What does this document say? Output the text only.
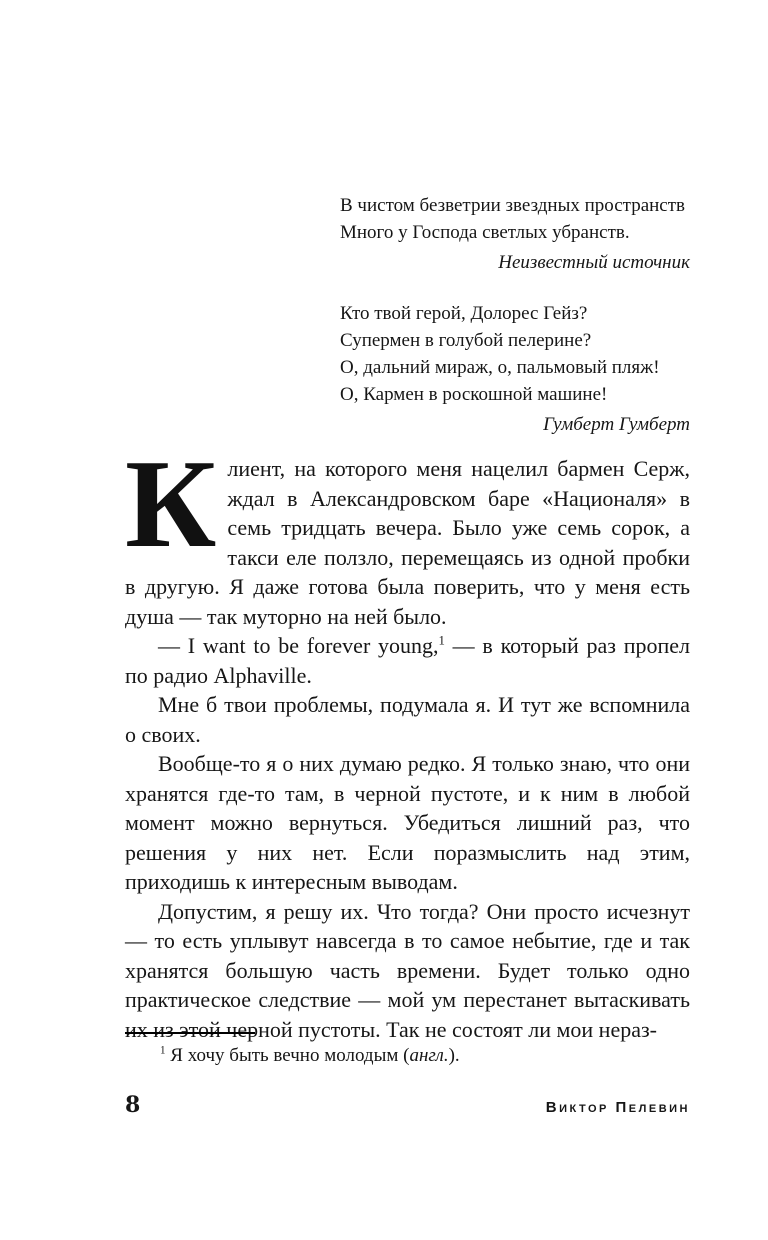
В чистом безветрии звездных пространств
Много у Господа светлых убранств.
Неизвестный источник
Кто твой герой, Долорес Гейз?
Супермен в голубой пелерине?
О, дальний мираж, о, пальмовый пляж!
О, Кармен в роскошной машине!
Гумберт Гумберт

Клиент, на которого меня нацелил бармен Серж, ждал в Александровском баре «Националя» в семь тридцать вечера. Было уже семь сорок, а такси еле ползло, перемещаясь из одной пробки в другую. Я даже готова была поверить, что у меня есть душа — так муторно на ней было.

— I want to be forever young,$^1$ — в который раз пропел по радио Alphaville.

Мне б твои проблемы, подумала я. И тут же вспомнила о своих.

Вообще-то я о них думаю редко. Я только знаю, что они хранятся где-то там, в черной пустоте, и к ним в любой момент можно вернуться. Убедиться лишний раз, что решения у них нет. Если поразмыслить над этим, приходишь к интересным выводам.

Допустим, я решу их. Что тогда? Они просто исчезнут — то есть уплывут навсегда в то самое небытие, где и так хранятся большую часть времени. Будет только одно практическое следствие — мой ум перестанет вытаскивать их из этой черной пустоты. Так не состоят ли мои нераз-

$^1$ Я хочу быть вечно молодым (англ.).
8	Виктор Пелевин
